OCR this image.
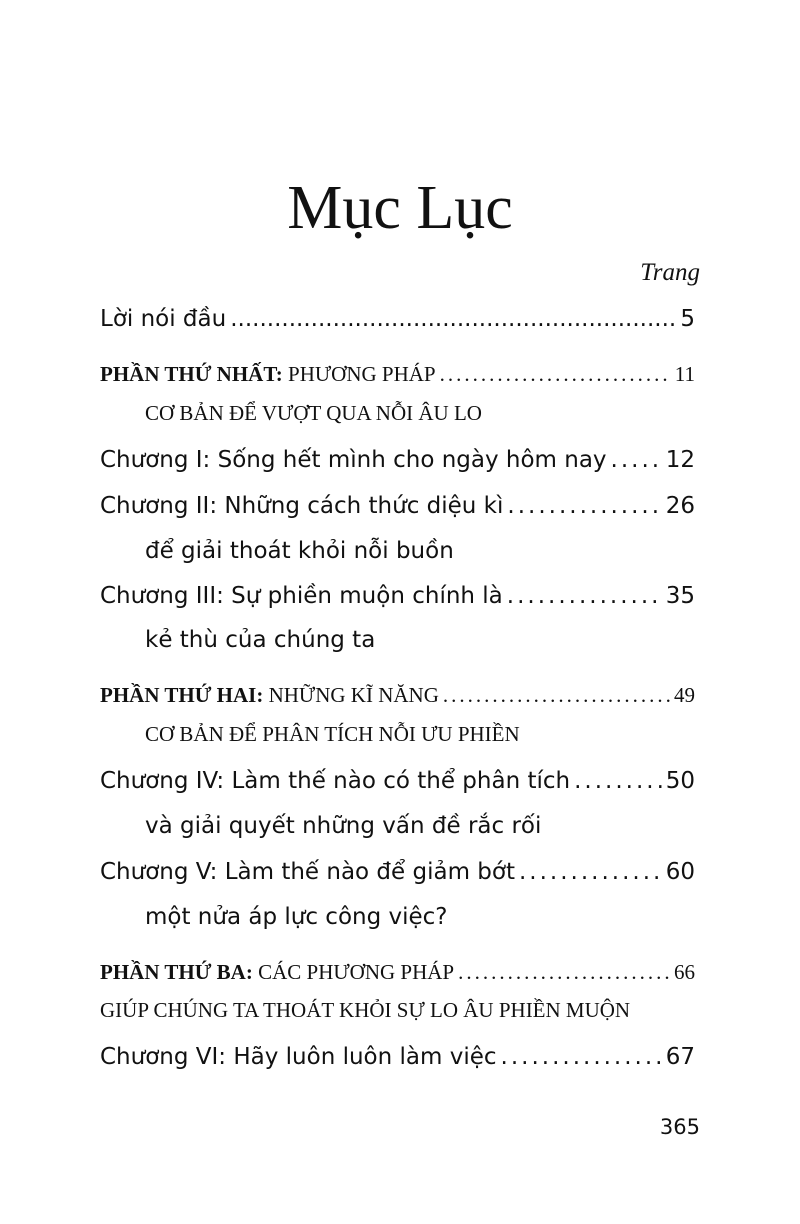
Mục Lục
Trang
Lời nói đầu .....	5
PHẦN THỨ NHẤT: PHƯƠNG PHÁP .....	11
CƠ BẢN ĐỂ VƯỢT QUA NỖI ÂU LO
Chương I: Sống hết mình cho ngày hôm nay .....	12
Chương II: Những cách thức diệu kì .....	26
để giải thoát khỏi nỗi buồn
Chương III: Sự phiền muộn chính là .....	35
kẻ thù của chúng ta
PHẦN THỨ HAI: NHỮNG KĨ NĂNG .....	49
CƠ BẢN ĐỂ PHÂN TÍCH NỖI ƯU PHIỀN
Chương IV: Làm thế nào có thể phân tích .....	50
và giải quyết những vấn đề rắc rối
Chương V: Làm thế nào để giảm bớt .....	60
một nửa áp lực công việc?
PHẦN THỨ BA: CÁC PHƯƠNG PHÁP .....	66
GIÚP CHÚNG TA THOÁT KHỎI SỰ LO ÂU PHIỀN MUỘN
Chương VI: Hãy luôn luôn làm việc .....	67
365
